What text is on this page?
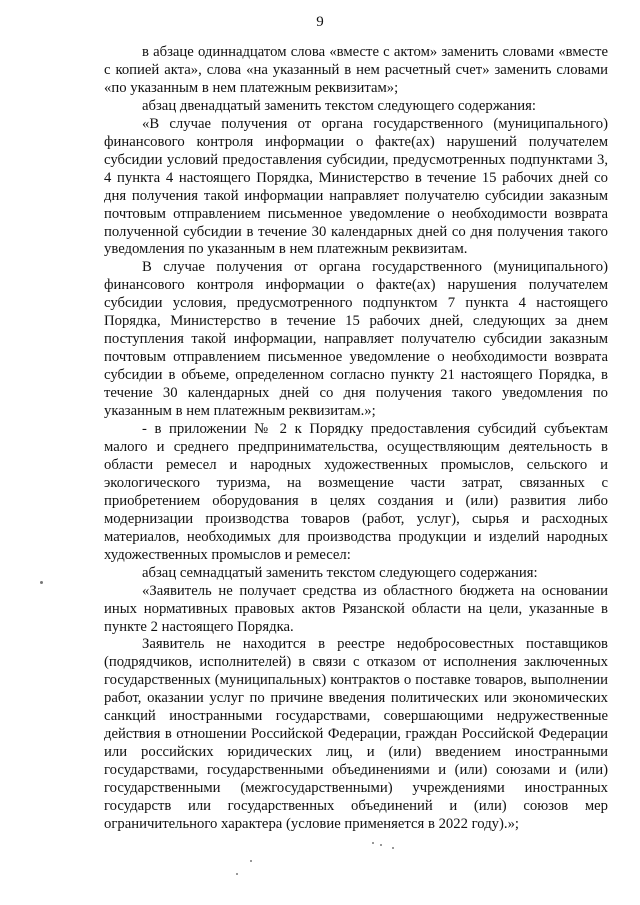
9

в абзаце одиннадцатом слова «вместе с актом» заменить словами «вместе с копией акта», слова «на указанный в нем расчетный счет» заменить словами «по указанным в нем платежным реквизитам»;

абзац двенадцатый заменить текстом следующего содержания:

«В случае получения от органа государственного (муниципального) финансового контроля информации о факте(ах) нарушений получателем субсидии условий предоставления субсидии, предусмотренных подпунктами 3, 4 пункта 4 настоящего Порядка, Министерство в течение 15 рабочих дней со дня получения такой информации направляет получателю субсидии заказным почтовым отправлением письменное уведомление о необходимости возврата полученной субсидии в течение 30 календарных дней со дня получения такого уведомления по указанным в нем платежным реквизитам.

В случае получения от органа государственного (муниципального) финансового контроля информации о факте(ах) нарушения получателем субсидии условия, предусмотренного подпунктом 7 пункта 4 настоящего Порядка, Министерство в течение 15 рабочих дней, следующих за днем поступления такой информации, направляет получателю субсидии заказным почтовым отправлением письменное уведомление о необходимости возврата субсидии в объеме, определенном согласно пункту 21 настоящего Порядка, в течение 30 календарных дней со дня получения такого уведомления по указанным в нем платежным реквизитам.»;

- в приложении № 2 к Порядку предоставления субсидий субъектам малого и среднего предпринимательства, осуществляющим деятельность в области ремесел и народных художественных промыслов, сельского и экологического туризма, на возмещение части затрат, связанных с приобретением оборудования в целях создания и (или) развития либо модернизации производства товаров (работ, услуг), сырья и расходных материалов, необходимых для производства продукции и изделий народных художественных промыслов и ремесел:

абзац семнадцатый заменить текстом следующего содержания:

«Заявитель не получает средства из областного бюджета на основании иных нормативных правовых актов Рязанской области на цели, указанные в пункте 2 настоящего Порядка.

Заявитель не находится в реестре недобросовестных поставщиков (подрядчиков, исполнителей) в связи с отказом от исполнения заключенных государственных (муниципальных) контрактов о поставке товаров, выполнении работ, оказании услуг по причине введения политических или экономических санкций иностранными государствами, совершающими недружественные действия в отношении Российской Федерации, граждан Российской Федерации или российских юридических лиц, и (или) введением иностранными государствами, государственными объединениями и (или) союзами и (или) государственными (межгосударственными) учреждениями иностранных государств или государственных объединений и (или) союзов мер ограничительного характера (условие применяется в 2022 году).»;
